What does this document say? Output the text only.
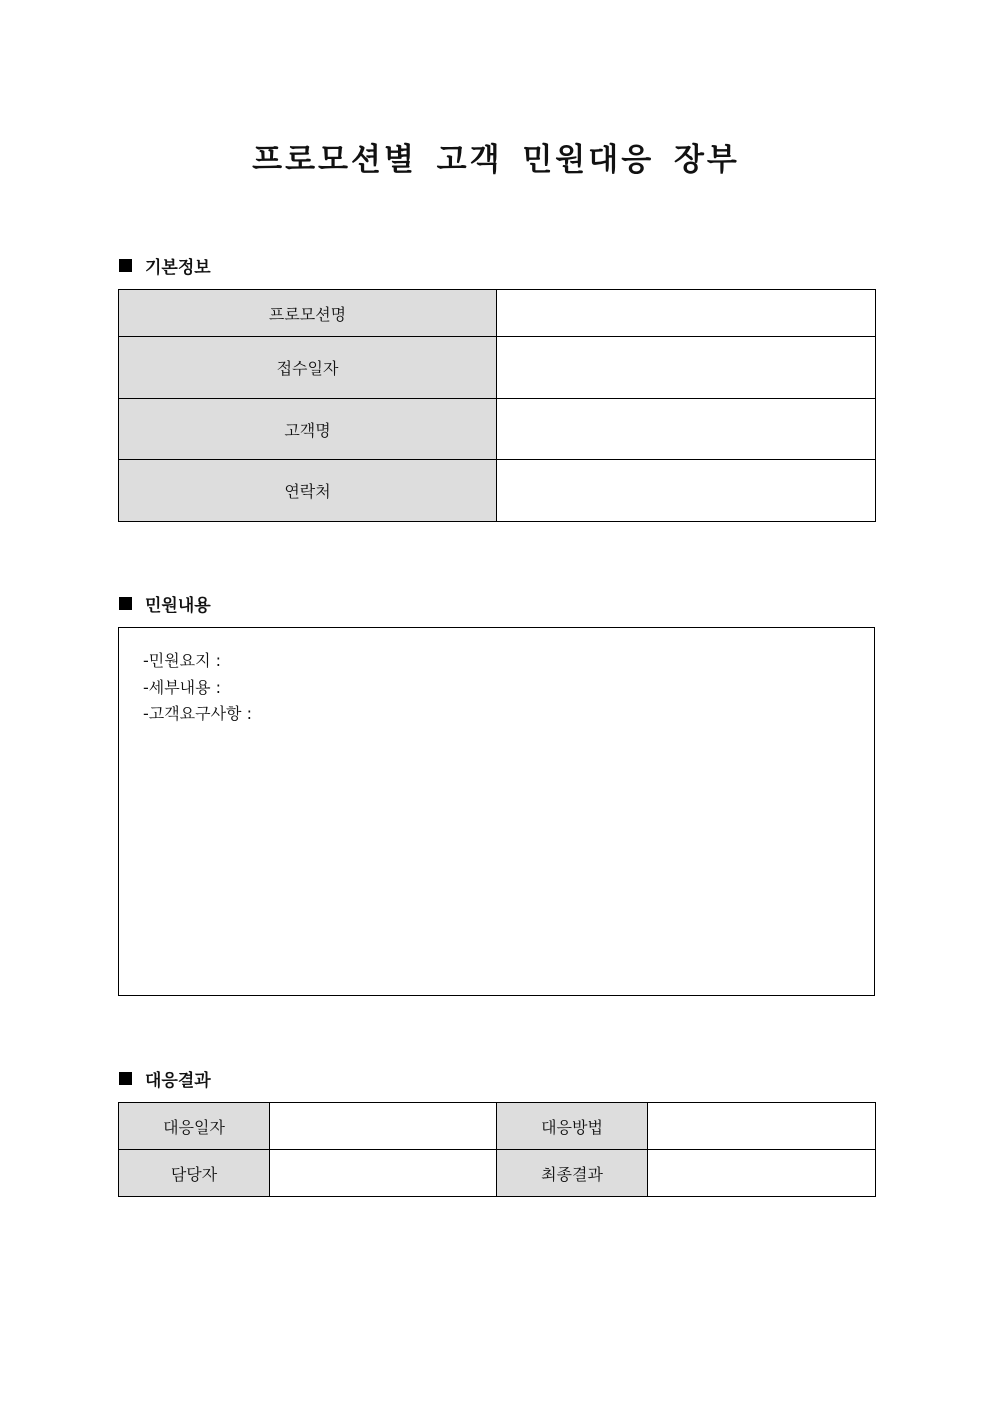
프로모션별 고객 민원대응 장부
기본정보
프로모션명	
접수일자	
고객명	
연락처	
민원내용
-민원요지 :
-세부내용 :
-고객요구사항 :
대응결과
대응일자		대응방법	
담당자		최종결과	
